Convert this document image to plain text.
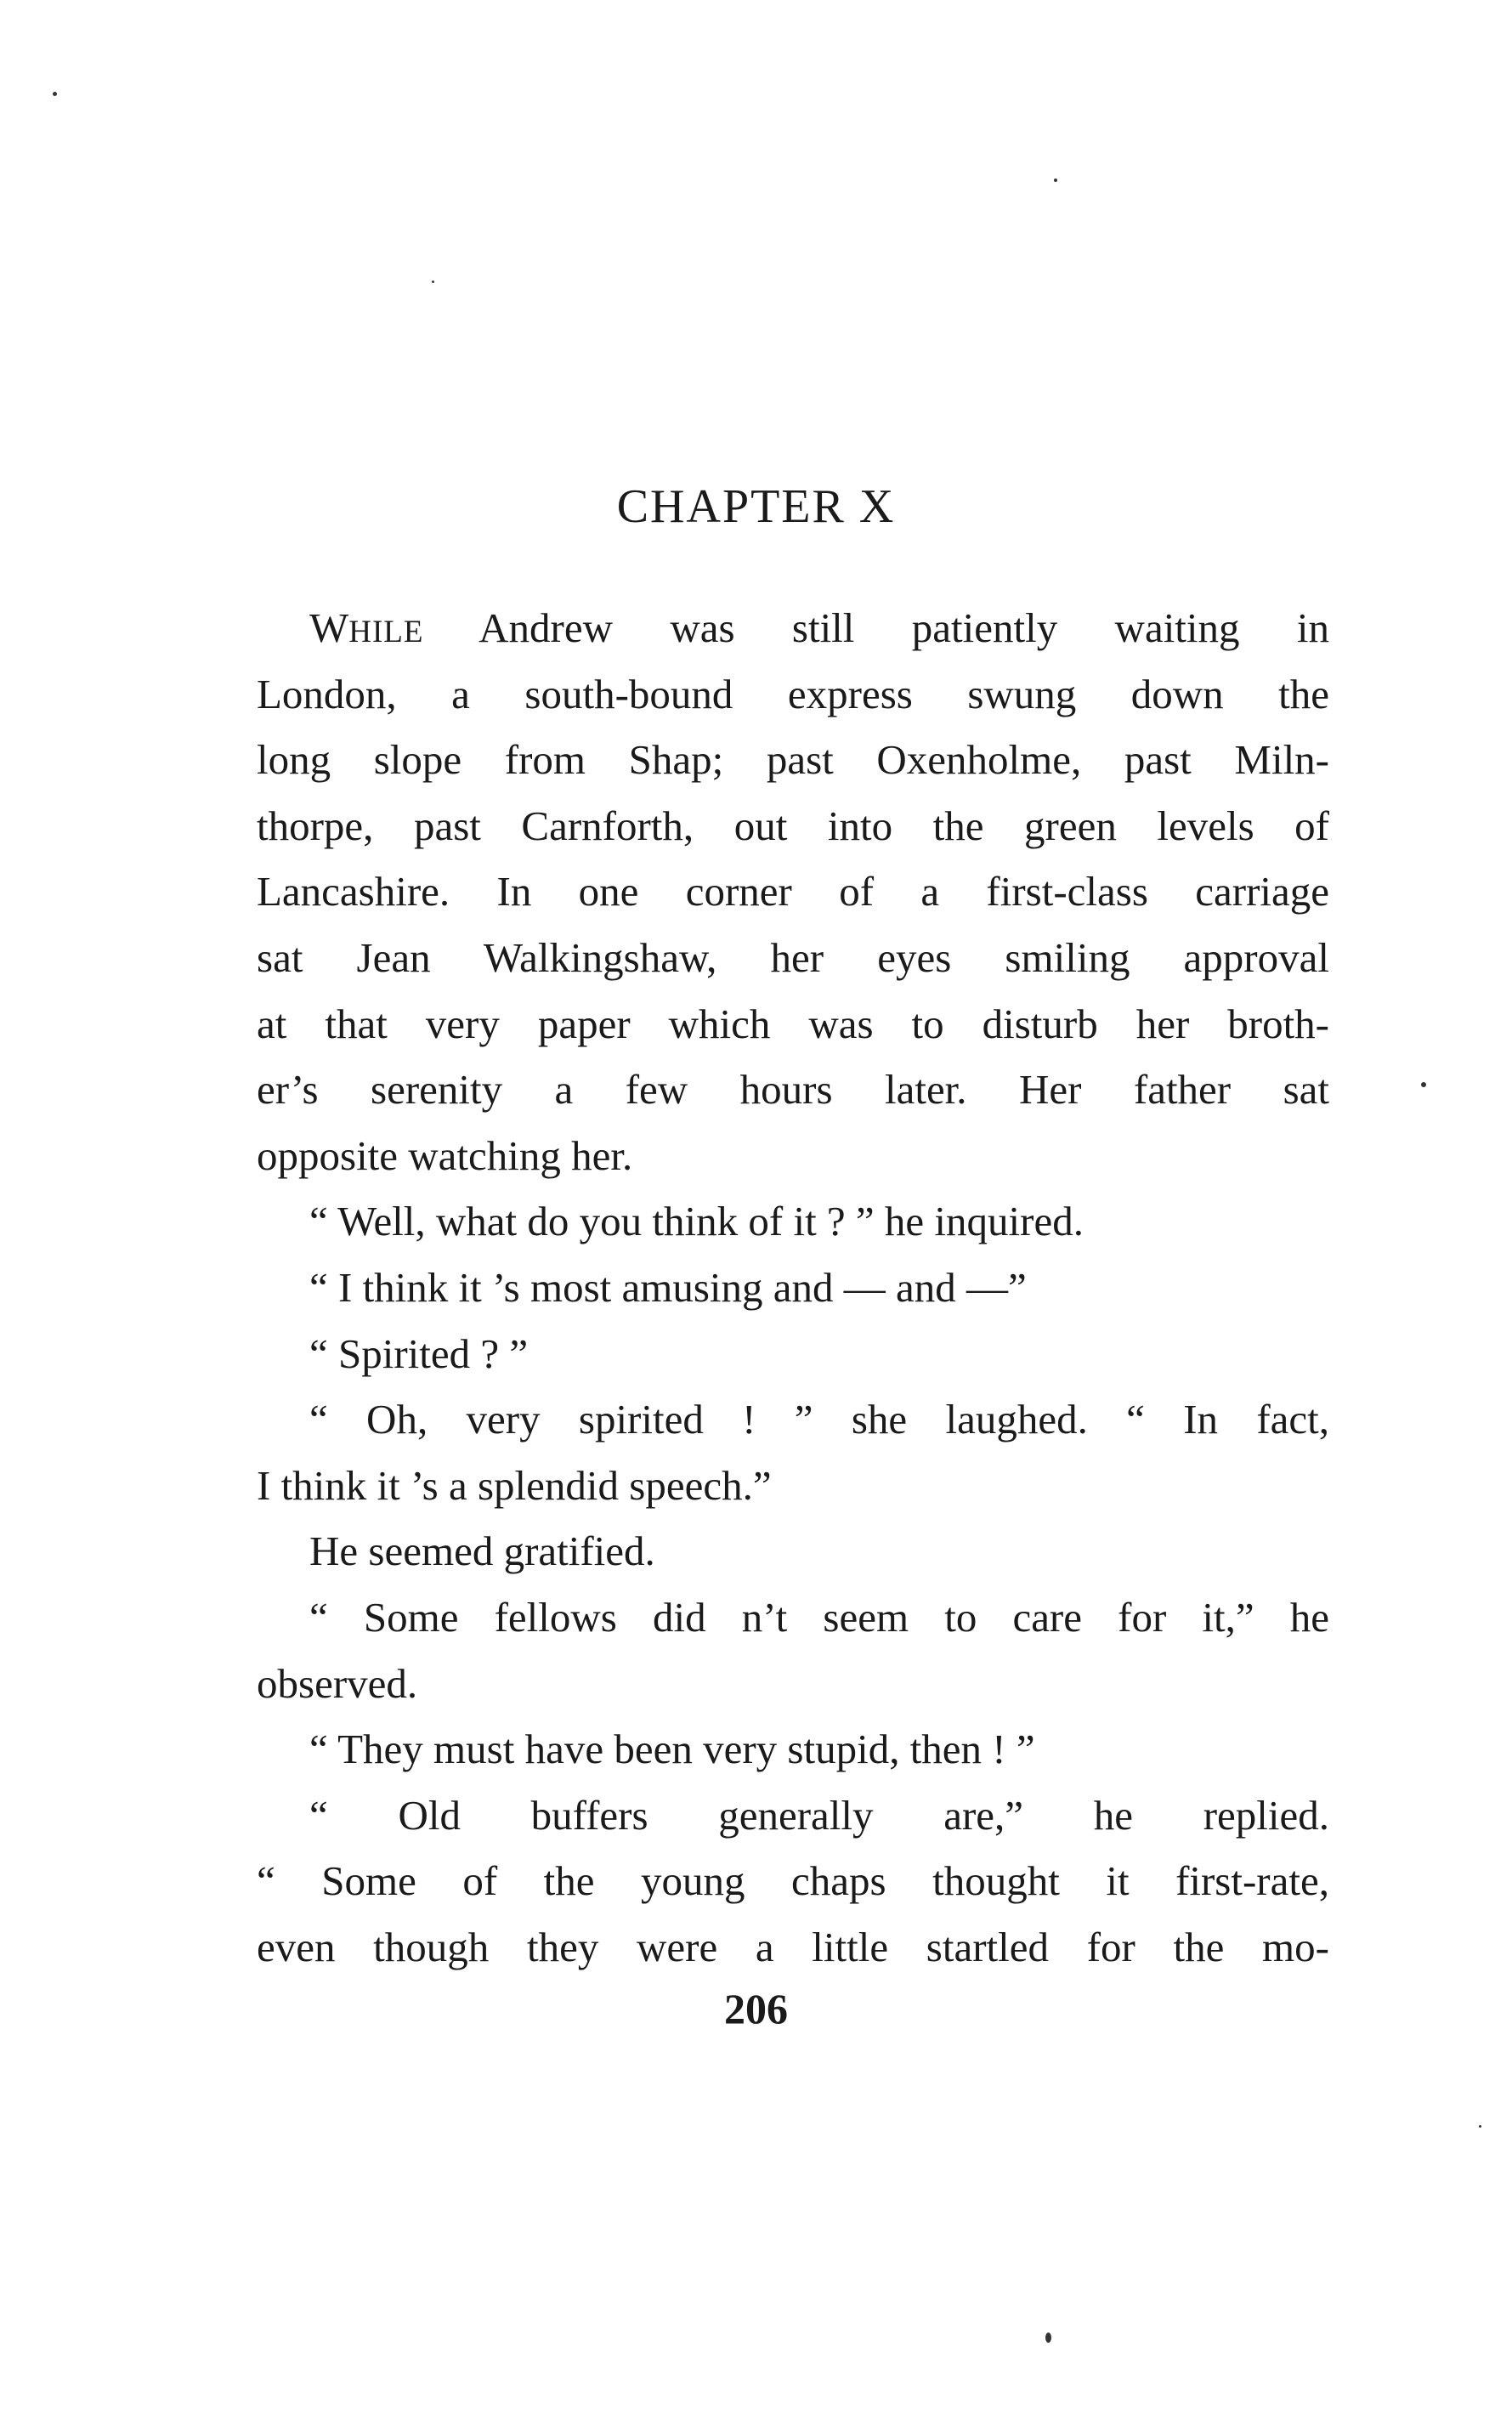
CHAPTER X
WHILE Andrew was still patiently waiting in
London, a south-bound express swung down the
long slope from Shap; past Oxenholme, past Miln-
thorpe, past Carnforth, out into the green levels of
Lancashire. In one corner of a first-class carriage
sat Jean Walkingshaw, her eyes smiling approval
at that very paper which was to disturb her broth-
er’s serenity a few hours later. Her father sat
opposite watching her.
“ Well, what do you think of it ? ” he inquired.
“ I think it ’s most amusing and — and —”
“ Spirited ? ”
“ Oh, very spirited ! ” she laughed. “ In fact,
I think it ’s a splendid speech.”
He seemed gratified.
“ Some fellows did n’t seem to care for it,” he
observed.
“ They must have been very stupid, then ! ”
“ Old buffers generally are,” he replied.
“ Some of the young chaps thought it first-rate,
even though they were a little startled for the mo-
206
